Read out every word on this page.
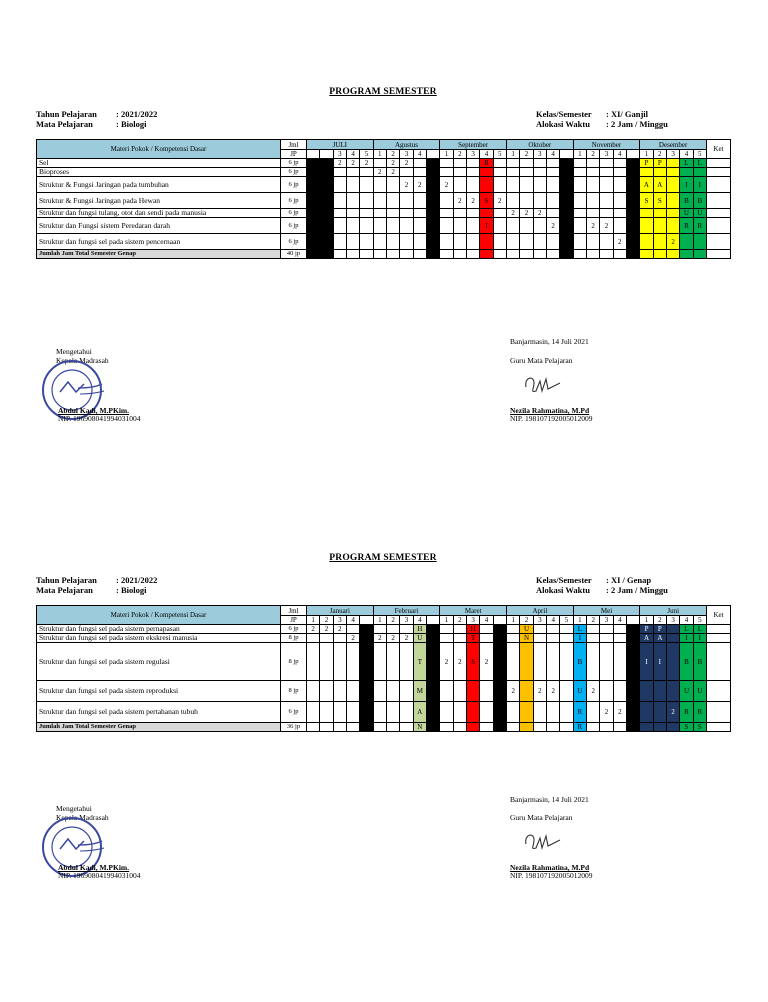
PROGRAM SEMESTER
Tahun Pelajaran : 2021/2022
Mata Pelajaran	: Biologi
Kelas/Semester : XI/ Ganjil
Alokasi Waktu : 2 Jam / Minggu
Materi Pokok / Kompetensi Dasar	Jml	JULI					Agustus					September					Oktober					November					Desember					Ket
	JP	1	2	3	4	5	1	2	3	4	5	1	2	3	4	5	1	2	3	4	5	1	2	3	4	5	1	2	3	4	5	
Sel	6 jp			2	2	2		2	2						R												P	P		L	L	
Bioproses	6 jp						2	2																								
Struktur & Fungsi Jaringan pada tumbuhan	6 jp								2	2		2															A	A		I	I	
Struktur & Fungsi Jaringan pada Hewan	6 jp												2	2	S	2											S	S		B	B	
Struktur dan fungsi tulang, otot dan sendi pada manusia	6 jp																2	2	2											U	U	
Struktur dan Fungsi sistem Peredaran darah	6 jp														I					2			2	2						R	R	
Struktur dan fungsi sel pada sistem pencernaan	6 jp																								2	2			2			
Jumlah Jam Total Semester Genap	40 jp																															
Banjarmasin, 14 Juli 2021
Mengetahui
Kepala Madrasah	Guru Mata Pelajaran
Abdul Kadi, M.PKim.
NIP. 196908041994031004
Nezila Rahmatina, M.Pd
NIP. 198107192005012009
PROGRAM SEMESTER
Tahun Pelajaran : 2021/2022
Mata Pelajaran	: Biologi
Kelas/Semester : XI / Genap
Alokasi Waktu : 2 Jam / Minggu
Materi Pokok / Kompetensi Dasar	Jml	Januari					Februari					Maret					April					Mei					Juni					Ket
	JP	1	2	3	4	5	1	2	3	4	5	1	2	3	4	5	1	2	3	4	5	1	2	3	4	5	1	2	3	4	5	
Struktur dan fungsi sel pada sistem pernapasan	6 jp	2	2	2						H				H				U				L					P	P		L	L	
Struktur dan fungsi sel pada sistem ekskresi manusia	8 jp				2		2	2	2	U				T				N				I					A	A		I	I	
Struktur dan fungsi sel pada sistem regulasi	8 jp									T		2	2	S	2	2						B					I	I		B	B	
Struktur dan fungsi sel pada sistem reproduksi	8 jp									M							2		2	2		U	2							U	U	
Struktur dan fungsi sel pada sistem pertahanan tubuh	6 jp									A												R		2	2				2	R	R	
Jumlah Jam Total Semester Genap	36 jp									N												R								S	S	
Banjarmasin, 14 Juli 2021
Mengetahui
Kepala Madrasah	Guru Mata Pelajaran
Abdul Kadi, M.PKim.
NIP. 196908041994031004
Nezila Rahmatina, M.Pd
NIP. 198107192005012009
